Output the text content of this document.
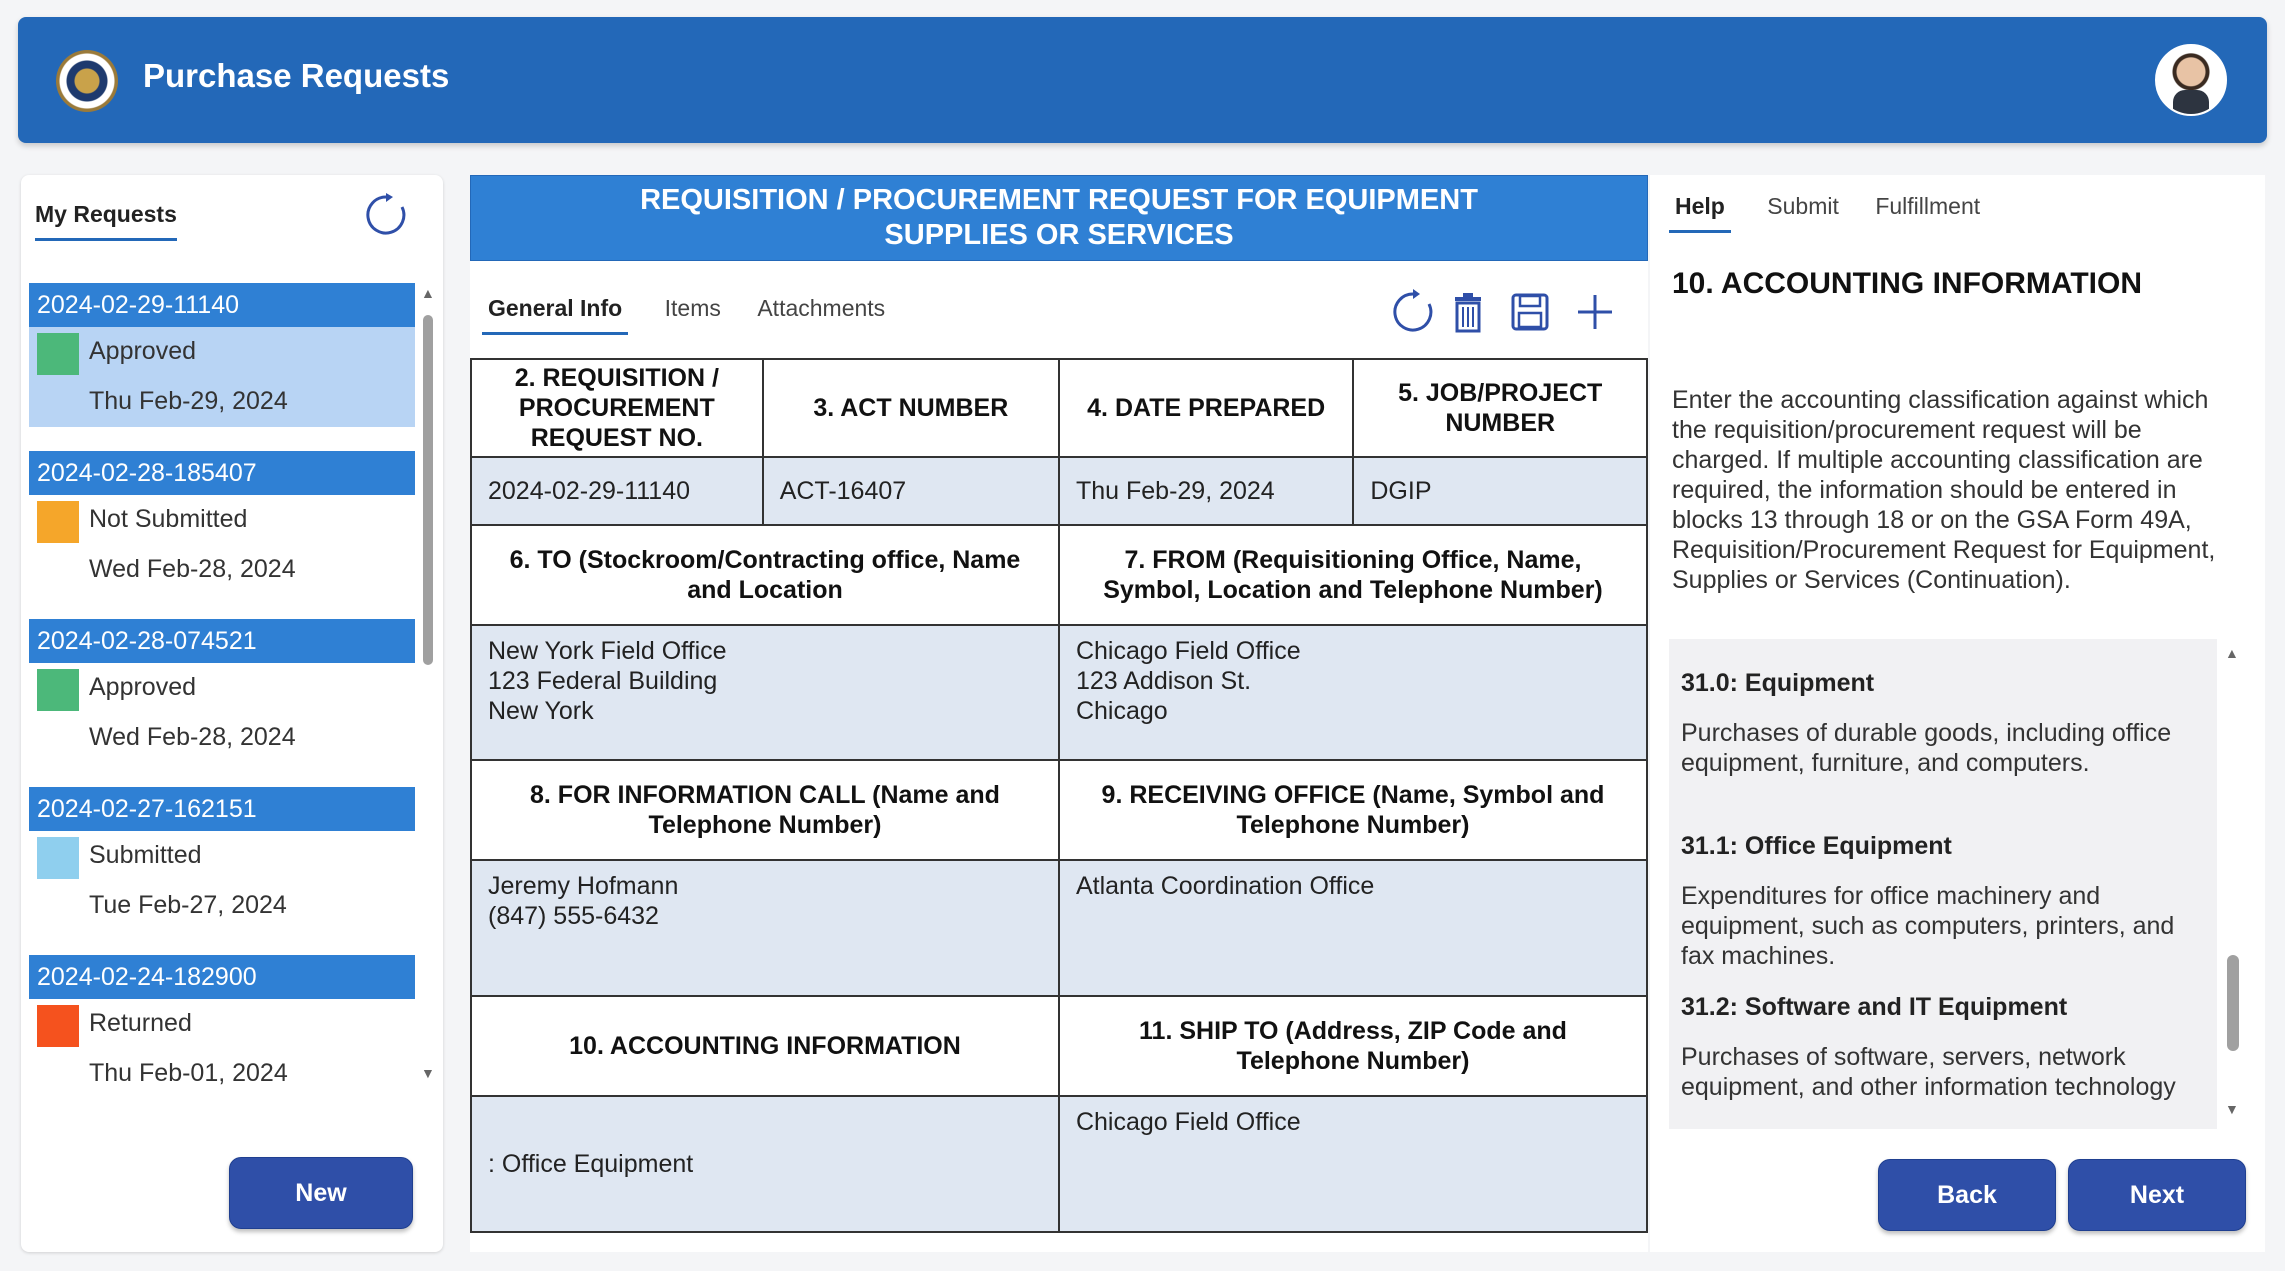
Purchase Requests
My Requests
2024-02-29-11140
Approved
Thu Feb-29, 2024
2024-02-28-185407
Not Submitted
Wed Feb-28, 2024
2024-02-28-074521
Approved
Wed Feb-28, 2024
2024-02-27-162151
Submitted
Tue Feb-27, 2024
2024-02-24-182900
Returned
Thu Feb-01, 2024
▲
▼
New
REQUISITION / PROCUREMENT REQUEST FOR EQUIPMENT
SUPPLIES OR SERVICES
General Info Items Attachments
2. REQUISITION / PROCUREMENT REQUEST NO.	3. ACT NUMBER	4. DATE PREPARED	5. JOB/PROJECT NUMBER
2024-02-29-11140	ACT-16407	Thu Feb-29, 2024	DGIP
6. TO (Stockroom/Contracting office, Name and Location		7. FROM (Requisitioning Office, Name, Symbol, Location and Telephone Number)	
New York Field Office
123 Federal Building
New York		Chicago Field Office
123 Addison St.
Chicago	
8. FOR INFORMATION CALL (Name and Telephone Number)		9. RECEIVING OFFICE (Name, Symbol and Telephone Number)	
Jeremy Hofmann
(847) 555-6432		Atlanta Coordination Office	
10. ACCOUNTING INFORMATION		11. SHIP TO (Address, ZIP Code and Telephone Number)	
: Office Equipment		Chicago Field Office	
Help Submit Fulfillment
10. ACCOUNTING INFORMATION
Enter the accounting classification against which the requisition/procurement request will be charged. If multiple accounting classification are required, the information should be entered in blocks 13 through 18 or on the GSA Form 49A, Requisition/Procurement Request for Equipment, Supplies or Services (Continuation).
31.0: Equipment
Purchases of durable goods, including office equipment, furniture, and computers.
31.1: Office Equipment
Expenditures for office machinery and equipment, such as computers, printers, and fax machines.
31.2: Software and IT Equipment
Purchases of software, servers, network equipment, and other information technology
▲
▼
Back	Next
